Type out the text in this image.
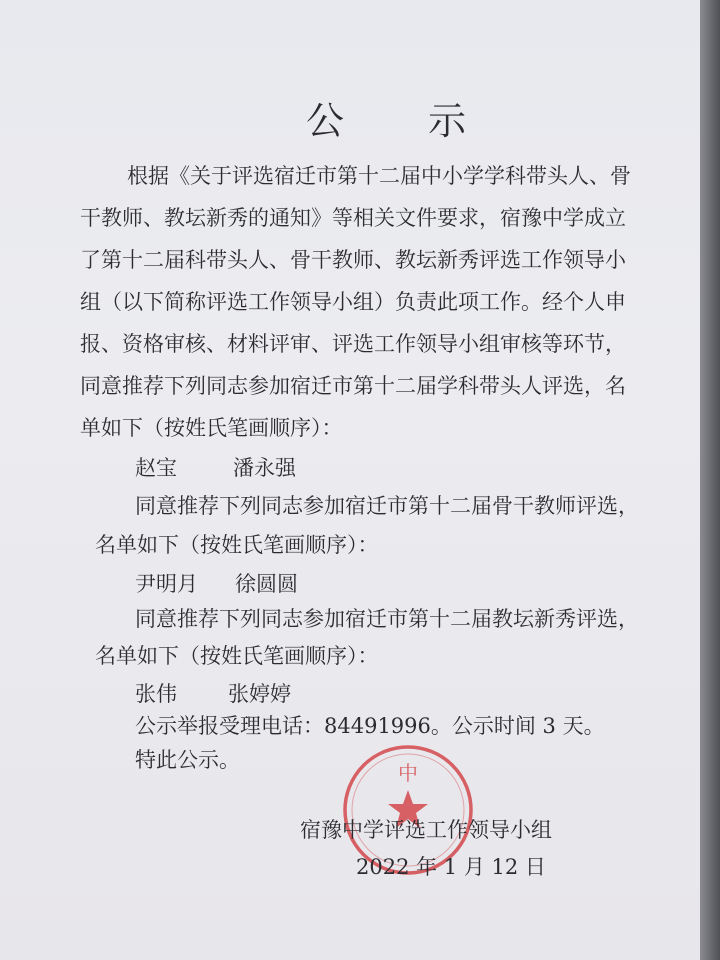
公 示
根据《关于评选宿迁市第十二届中小学学科带头人、骨
干教师、教坛新秀的通知》等相关文件要求，宿豫中学成立
了第十二届科带头人、骨干教师、教坛新秀评选工作领导小
组（以下简称评选工作领导小组）负责此项工作。经个人申
报、资格审核、材料评审、评选工作领导小组审核等环节，
同意推荐下列同志参加宿迁市第十二届学科带头人评选，名
单如下（按姓氏笔画顺序）：
赵宝	潘永强
同意推荐下列同志参加宿迁市第十二届骨干教师评选，
名单如下（按姓氏笔画顺序）：
尹明月 徐圆圆
同意推荐下列同志参加宿迁市第十二届教坛新秀评选，
名单如下（按姓氏笔画顺序）：
张伟 张婷婷
公示举报受理电话：84491996。公示时间 3 天。
特此公示。
中
宿豫中学评选工作领导小组
2022 年 1 月 12 日
